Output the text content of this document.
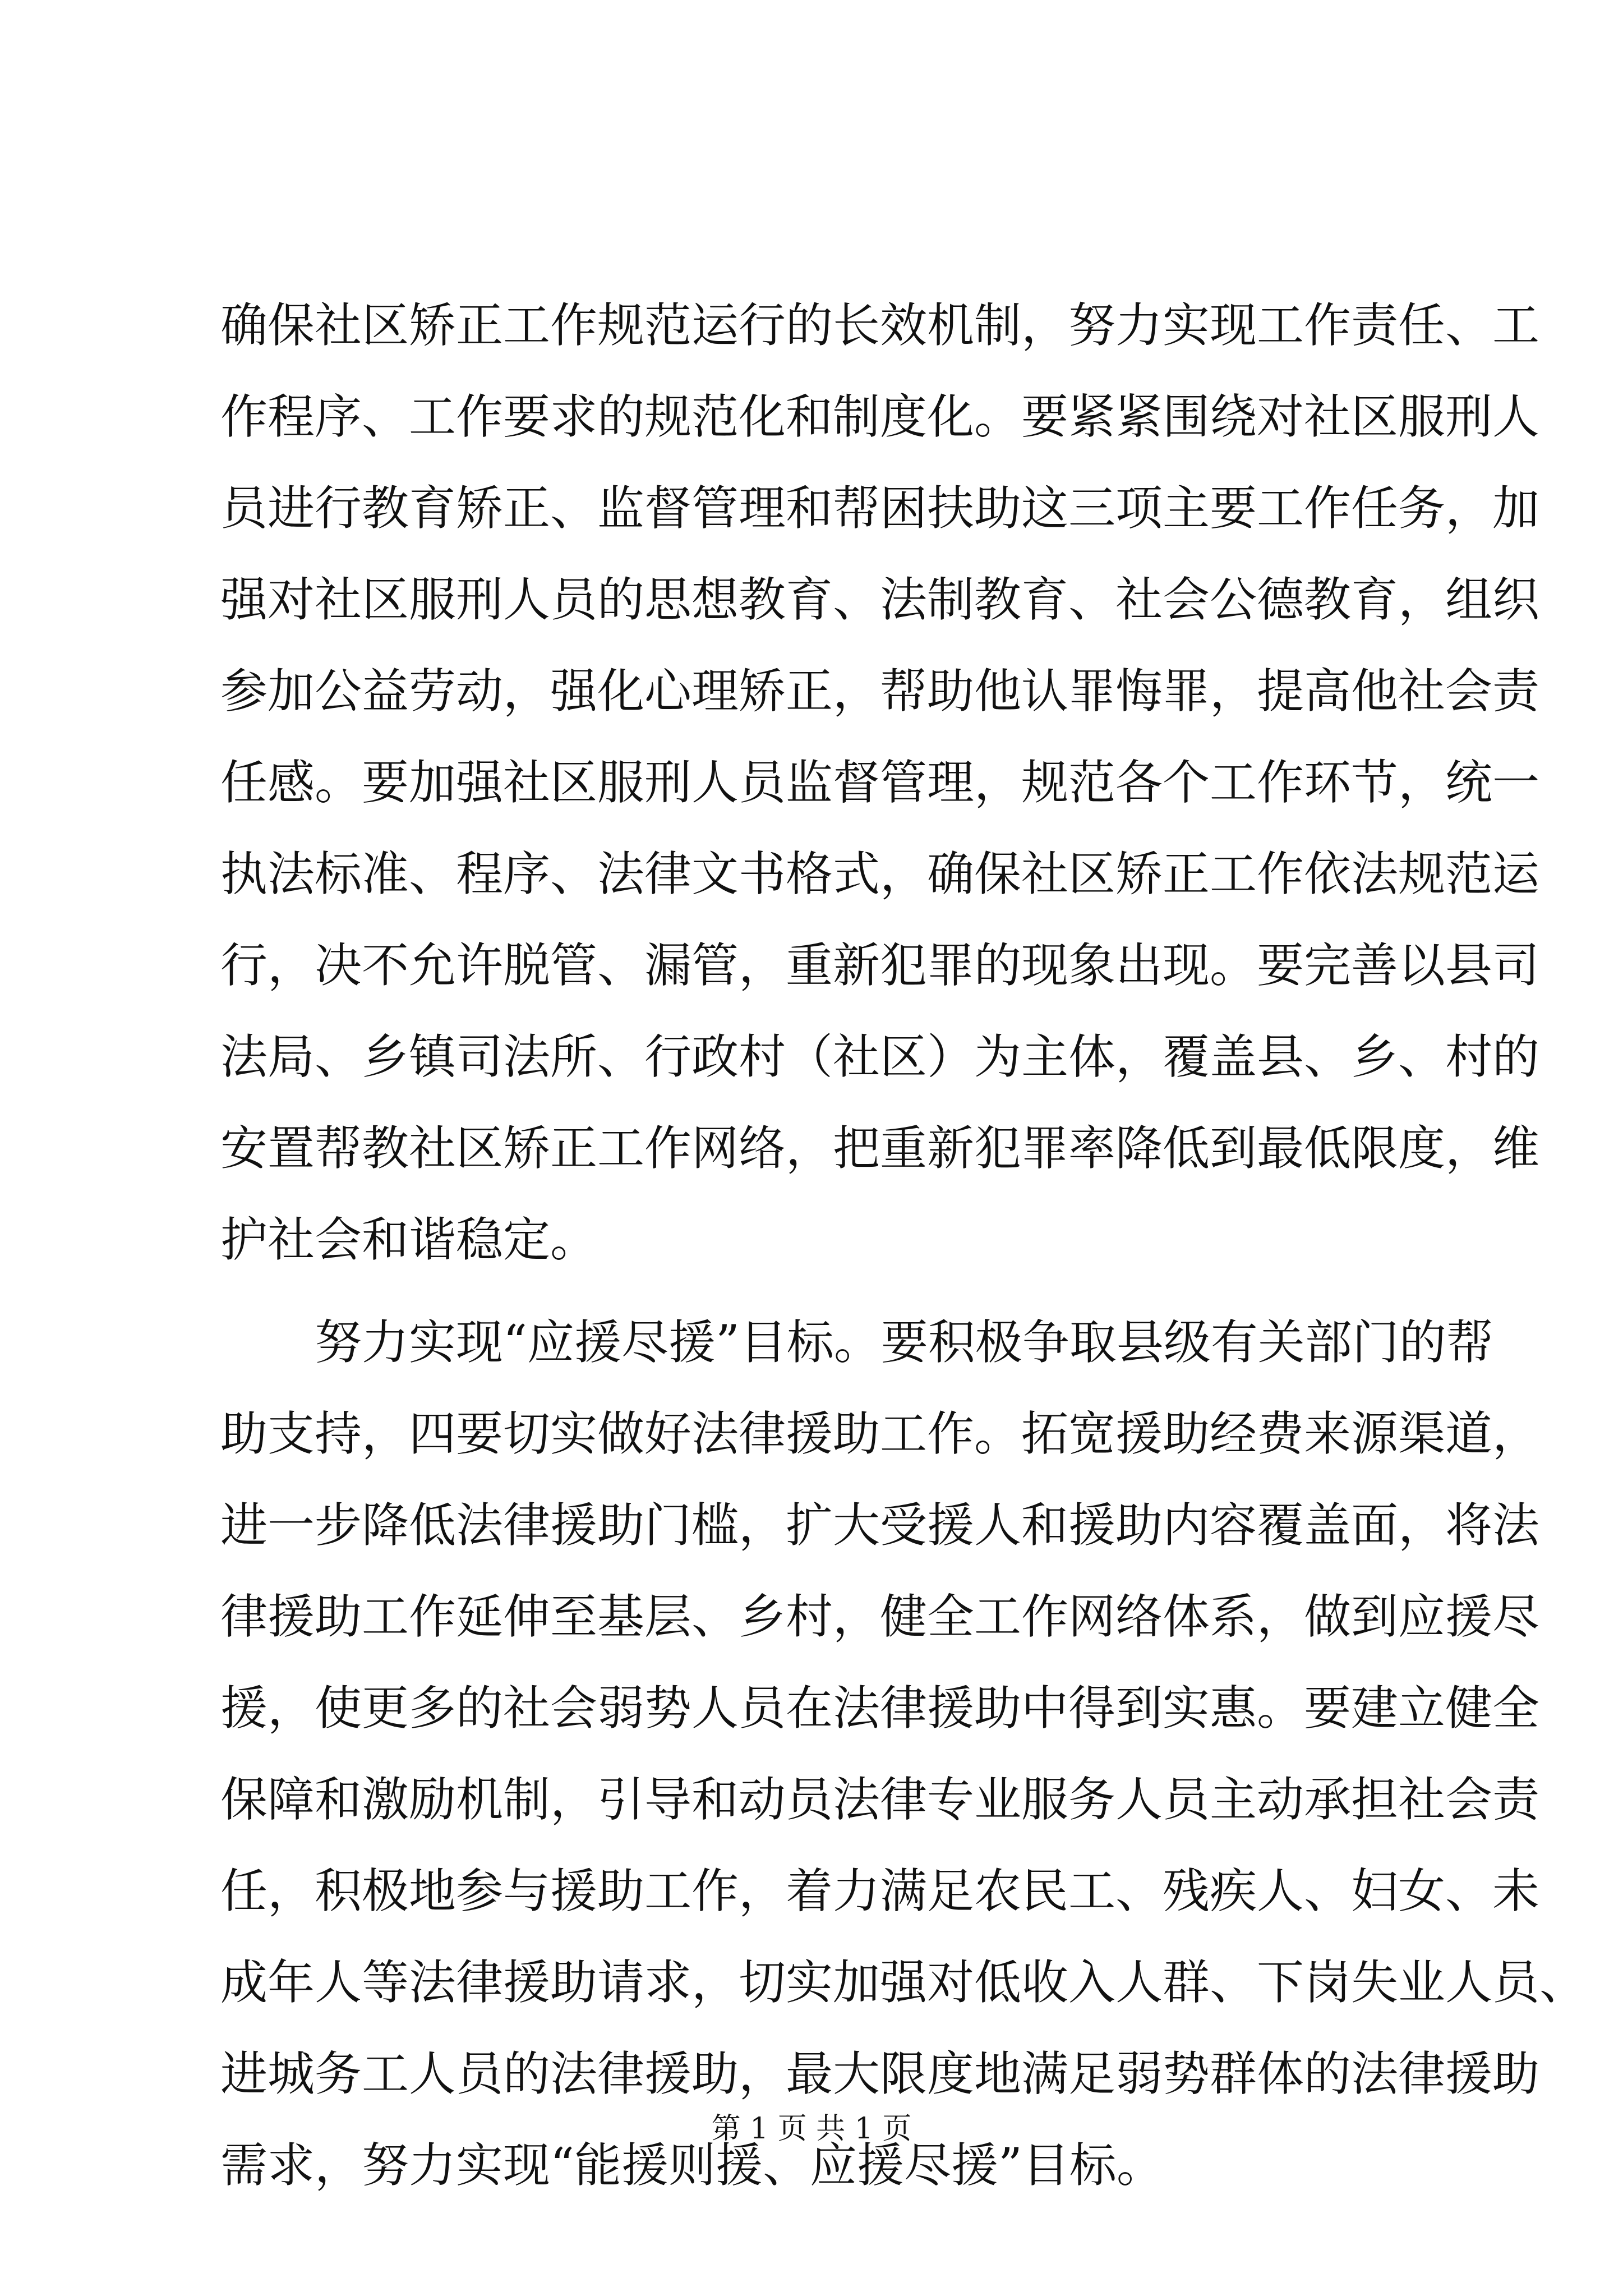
确保社区矫正工作规范运行的长效机制，努力实现工作责任、工
作程序、工作要求的规范化和制度化。要紧紧围绕对社区服刑人
员进行教育矫正、监督管理和帮困扶助这三项主要工作任务，加
强对社区服刑人员的思想教育、法制教育、社会公德教育，组织
参加公益劳动，强化心理矫正，帮助他认罪悔罪，提高他社会责
任感。要加强社区服刑人员监督管理，规范各个工作环节，统一
执法标准、程序、法律文书格式，确保社区矫正工作依法规范运
行，决不允许脱管、漏管，重新犯罪的现象出现。要完善以县司
法局、乡镇司法所、行政村（社区）为主体，覆盖县、乡、村的
安置帮教社区矫正工作网络，把重新犯罪率降低到最低限度，维
护社会和谐稳定。
努力实现“应援尽援”目标。要积极争取县级有关部门的帮
助支持，四要切实做好法律援助工作。拓宽援助经费来源渠道，
进一步降低法律援助门槛，扩大受援人和援助内容覆盖面，将法
律援助工作延伸至基层、乡村，健全工作网络体系，做到应援尽
援，使更多的社会弱势人员在法律援助中得到实惠。要建立健全
保障和激励机制，引导和动员法律专业服务人员主动承担社会责
任，积极地参与援助工作，着力满足农民工、残疾人、妇女、未
成年人等法律援助请求，切实加强对低收入人群、下岗失业人员、
进城务工人员的法律援助，最大限度地满足弱势群体的法律援助
需求，努力实现“能援则援、应援尽援”目标。
第 1 页 共 1 页
